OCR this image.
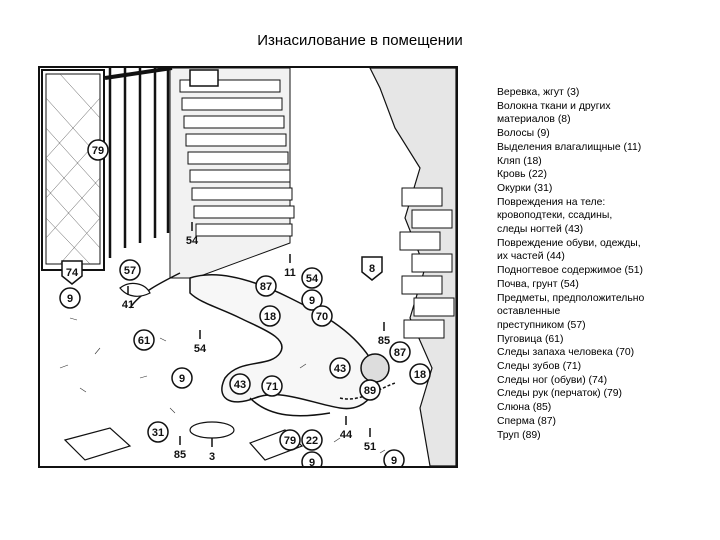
Изнасилование в помещении
79
54
74	57
9	41
61
54
9	43 71
79
31
85 3
22
9
87
11 54
8
9
18	70
85
87
43
89
18
44
51
9
Веревка, жгут (3)
Волокна ткани и других
материалов (8)
Волосы (9)
Выделения влагалищные (11)
Кляп (18)
Кровь (22)
Окурки (31)
Повреждения на теле:
кровоподтеки, ссадины,
следы ногтей (43)
Повреждение обуви, одежды,
их частей (44)
Подногтевое содержимое (51)
Почва, грунт (54)
Предметы, предположительно
оставленные
преступником (57)
Пуговица (61)
Следы запаха человека (70)
Следы зубов (71)
Следы ног (обуви) (74)
Следы рук (перчаток) (79)
Слюна (85)
Сперма (87)
Труп (89)
